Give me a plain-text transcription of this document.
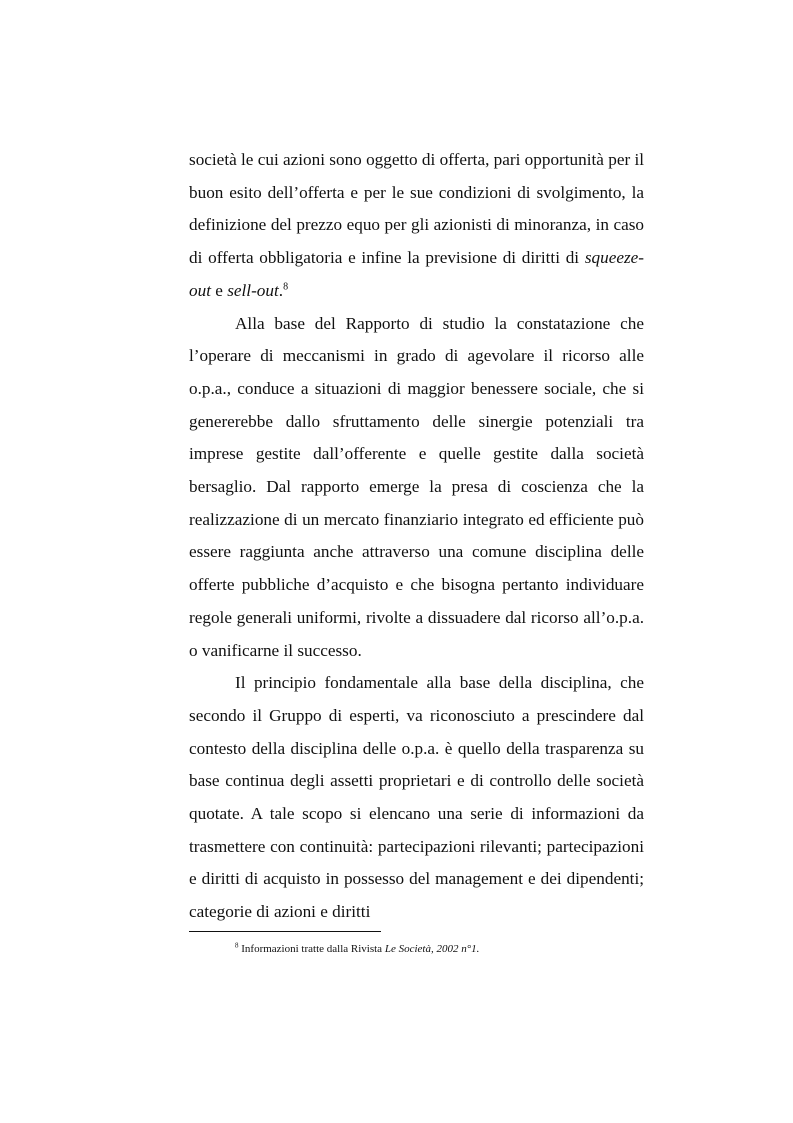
società le cui azioni sono oggetto di offerta, pari opportunità per il buon esito dell’offerta e per le sue condizioni di svolgimento, la definizione del prezzo equo per gli azionisti di minoranza, in caso di offerta obbligatoria e infine la previsione di diritti di squeeze-out e sell-out.$^8$

Alla base del Rapporto di studio la constatazione che l’operare di meccanismi in grado di agevolare il ricorso alle o.p.a., conduce a situazioni di maggior benessere sociale, che si genererebbe dallo sfruttamento delle sinergie potenziali tra imprese gestite dall’offerente e quelle gestite dalla società bersaglio. Dal rapporto emerge la presa di coscienza che la realizzazione di un mercato finanziario integrato ed efficiente può essere raggiunta anche attraverso una comune disciplina delle offerte pubbliche d’acquisto e che bisogna pertanto individuare regole generali uniformi, rivolte a dissuadere dal ricorso all’o.p.a. o vanificarne il successo.

Il principio fondamentale alla base della disciplina, che secondo il Gruppo di esperti, va riconosciuto a prescindere dal contesto della disciplina delle o.p.a. è quello della trasparenza su base continua degli assetti proprietari e di controllo delle società quotate. A tale scopo si elencano una serie di informazioni da trasmettere con continuità: partecipazioni rilevanti; partecipazioni e diritti di acquisto in possesso del management e dei dipendenti; categorie di azioni e diritti

$^8$ Informazioni tratte dalla Rivista Le Società, 2002 n°1.
